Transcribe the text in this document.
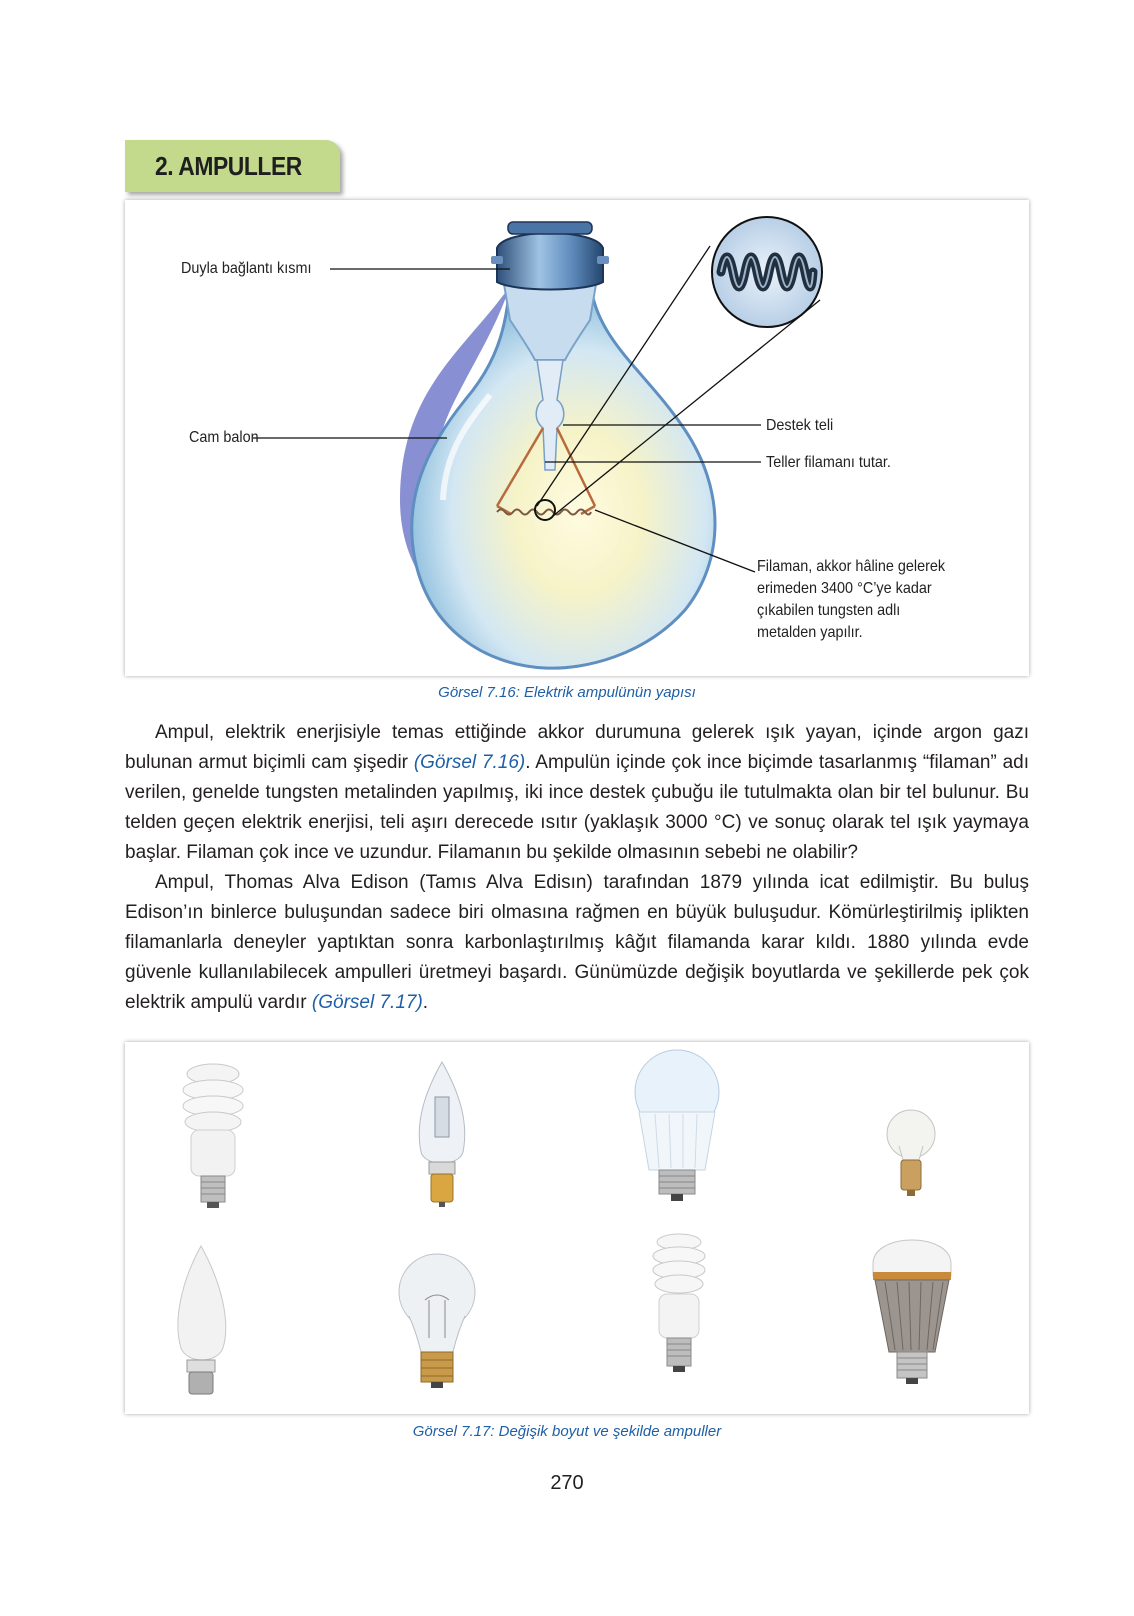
2. AMPULLER
Duyla bağlantı kısmı
Cam balon
Destek teli
Teller filamanı tutar.
Filaman, akkor hâline gelerek erimeden 3400 °C’ye kadar çıkabilen tungsten adlı metalden yapılır.
Görsel 7.16: Elektrik ampulünün yapısı

Ampul, elektrik enerjisiyle temas ettiğinde akkor durumuna gelerek ışık yayan, içinde argon gazı bulunan armut biçimli cam şişedir (Görsel 7.16). Ampulün içinde çok ince biçimde tasarlanmış “filaman” adı verilen, genelde tungsten metalinden yapılmış, iki ince destek çubuğu ile tutulmakta olan bir tel bulunur. Bu telden geçen elektrik enerjisi, teli aşırı derecede ısıtır (yaklaşık 3000 °C) ve sonuç olarak tel ışık yaymaya başlar. Filaman çok ince ve uzundur. Filamanın bu şekilde olmasının sebebi ne olabilir?

Ampul, Thomas Alva Edison (Tamıs Alva Edisın) tarafından 1879 yılında icat edilmiştir. Bu buluş Edison’ın binlerce buluşundan sadece biri olmasına rağmen en büyük buluşudur. Kömürleştirilmiş iplikten filamanlarla deneyler yaptıktan sonra karbonlaştırılmış kâğıt filamanda karar kıldı. 1880 yılında evde güvenle kullanılabilecek ampulleri üretmeyi başardı. Günümüzde değişik boyutlarda ve şekillerde pek çok elektrik ampulü vardır (Görsel 7.17).

Görsel 7.17: Değişik boyut ve şekilde ampuller
270
